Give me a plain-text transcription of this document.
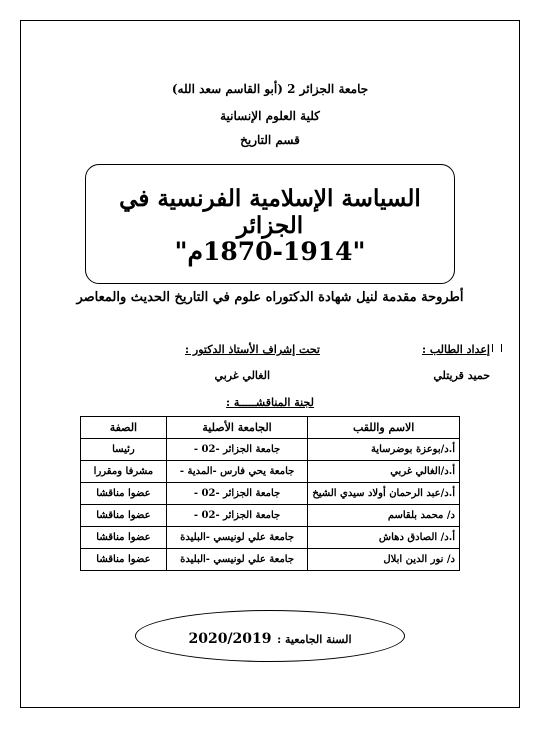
جامعة الجزائر 2 (أبو القاسم سعد الله)
كلية العلوم الإنسانية
قسم التاريخ
السياسة الإسلامية الفرنسية في الجزائر
"1870-1914م"
أطروحة مقدمة لنيل شهادة الدكتوراه علوم في التاريخ الحديث والمعاصر
إعداد الطالب :
تحت إشراف الأستاذ الدكتور :
حميد قريتلي
الغالي غربي
لجنة المناقشـــــة :
الاسم واللقب	الجامعة الأصلية	الصفة
أ.د/بوعزة بوضرساية	جامعة الجزائر -02 -	رئيسا
أ.د/الغالي غربي	جامعة يحي فارس -المدية -	مشرفا ومقررا
أ.د/عبد الرحمان أولاد سيدي الشيخ	جامعة الجزائر -02 -	عضوا مناقشا
د/ محمد بلقاسم	جامعة الجزائر -02 -	عضوا مناقشا
أ.د/ الصادق دهاش	جامعة علي لونيسي -البليدة	عضوا مناقشا
د/ نور الدين ابلال	جامعة علي لونيسي -البليدة	عضوا مناقشا
السنة الجامعية : 2020/2019
